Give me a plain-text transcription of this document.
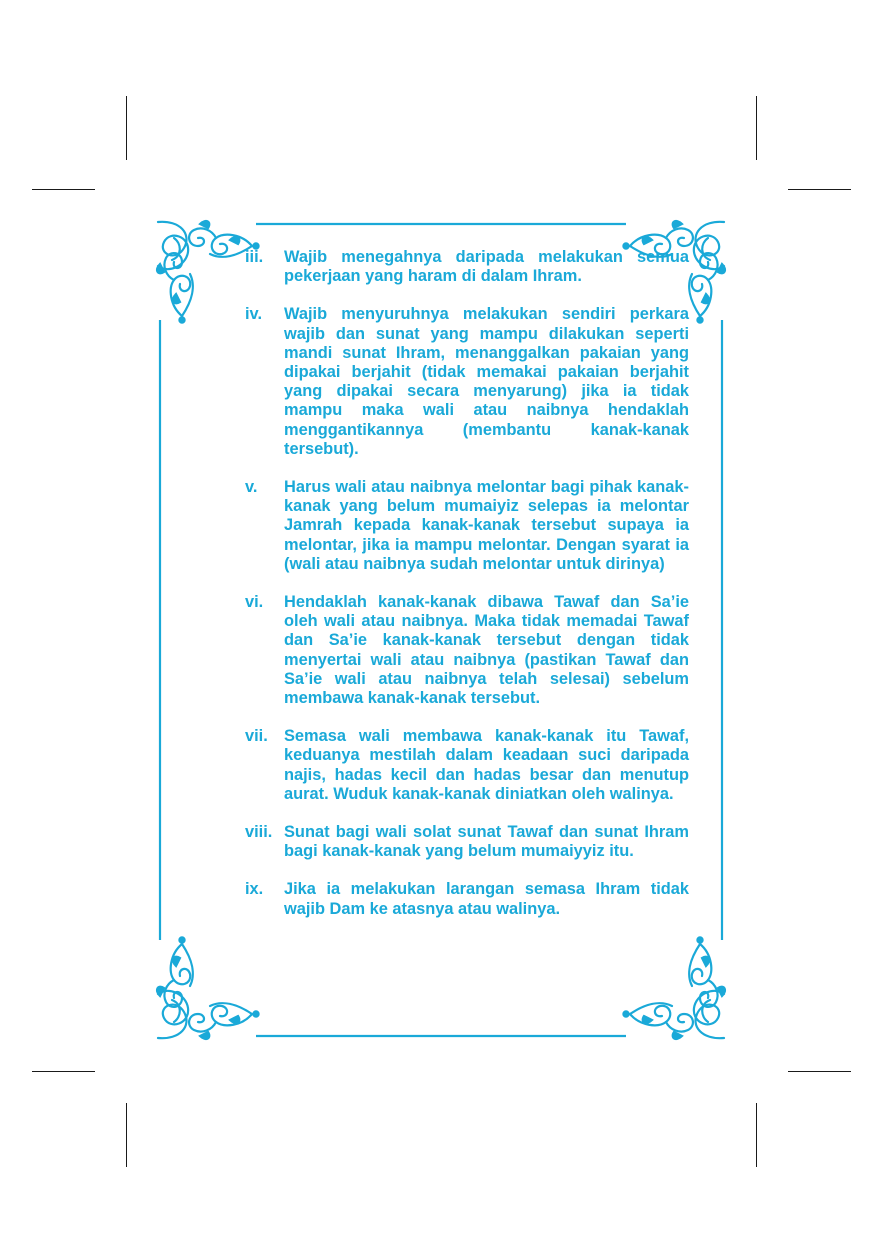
iii.	Wajib menegahnya daripada melakukan semua pekerjaan yang haram di dalam Ihram.
iv.	Wajib menyuruhnya melakukan sendiri perkara wajib dan sunat yang mampu dilakukan seperti mandi sunat Ihram, menanggalkan pakaian yang dipakai berjahit (tidak memakai pakaian berjahit yang dipakai secara menyarung) jika ia tidak mampu maka wali atau naibnya hendaklah menggantikannya (membantu kanak-kanak tersebut).
v.	Harus wali atau naibnya melontar bagi pihak kanak-kanak yang belum mumaiyiz selepas ia melontar Jamrah kepada kanak-kanak tersebut supaya ia melontar, jika ia mampu melontar. Dengan syarat ia (wali atau naibnya sudah melontar untuk dirinya)
vi.	Hendaklah kanak-kanak dibawa Tawaf dan Sa’ie oleh wali atau naibnya. Maka tidak memadai Tawaf dan Sa’ie kanak-kanak tersebut dengan tidak menyertai wali atau naibnya (pastikan Tawaf dan Sa’ie wali atau naibnya telah selesai) sebelum membawa kanak-kanak tersebut.
vii. Semasa wali membawa kanak-kanak itu Tawaf, keduanya mestilah dalam keadaan suci daripada najis, hadas kecil dan hadas besar dan menutup aurat. Wuduk kanak-kanak diniatkan oleh walinya.
viii. Sunat bagi wali solat sunat Tawaf dan sunat Ihram bagi kanak-kanak yang belum mumaiyyiz itu.
ix.	Jika ia melakukan larangan semasa Ihram tidak wajib Dam ke atasnya atau walinya.
